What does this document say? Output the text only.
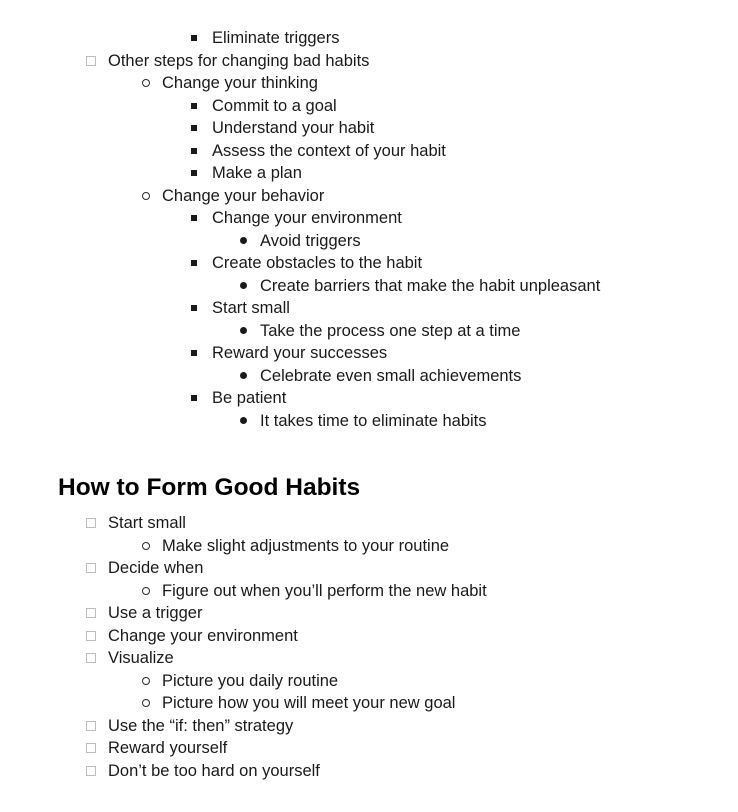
Eliminate triggers
Other steps for changing bad habits
Change your thinking
Commit to a goal
Understand your habit
Assess the context of your habit
Make a plan
Change your behavior
Change your environment
Avoid triggers
Create obstacles to the habit
Create barriers that make the habit unpleasant
Start small
Take the process one step at a time
Reward your successes
Celebrate even small achievements
Be patient
It takes time to eliminate habits
How to Form Good Habits
Start small
Make slight adjustments to your routine
Decide when
Figure out when you’ll perform the new habit
Use a trigger
Change your environment
Visualize
Picture you daily routine
Picture how you will meet your new goal
Use the “if: then” strategy
Reward yourself
Don’t be too hard on yourself
